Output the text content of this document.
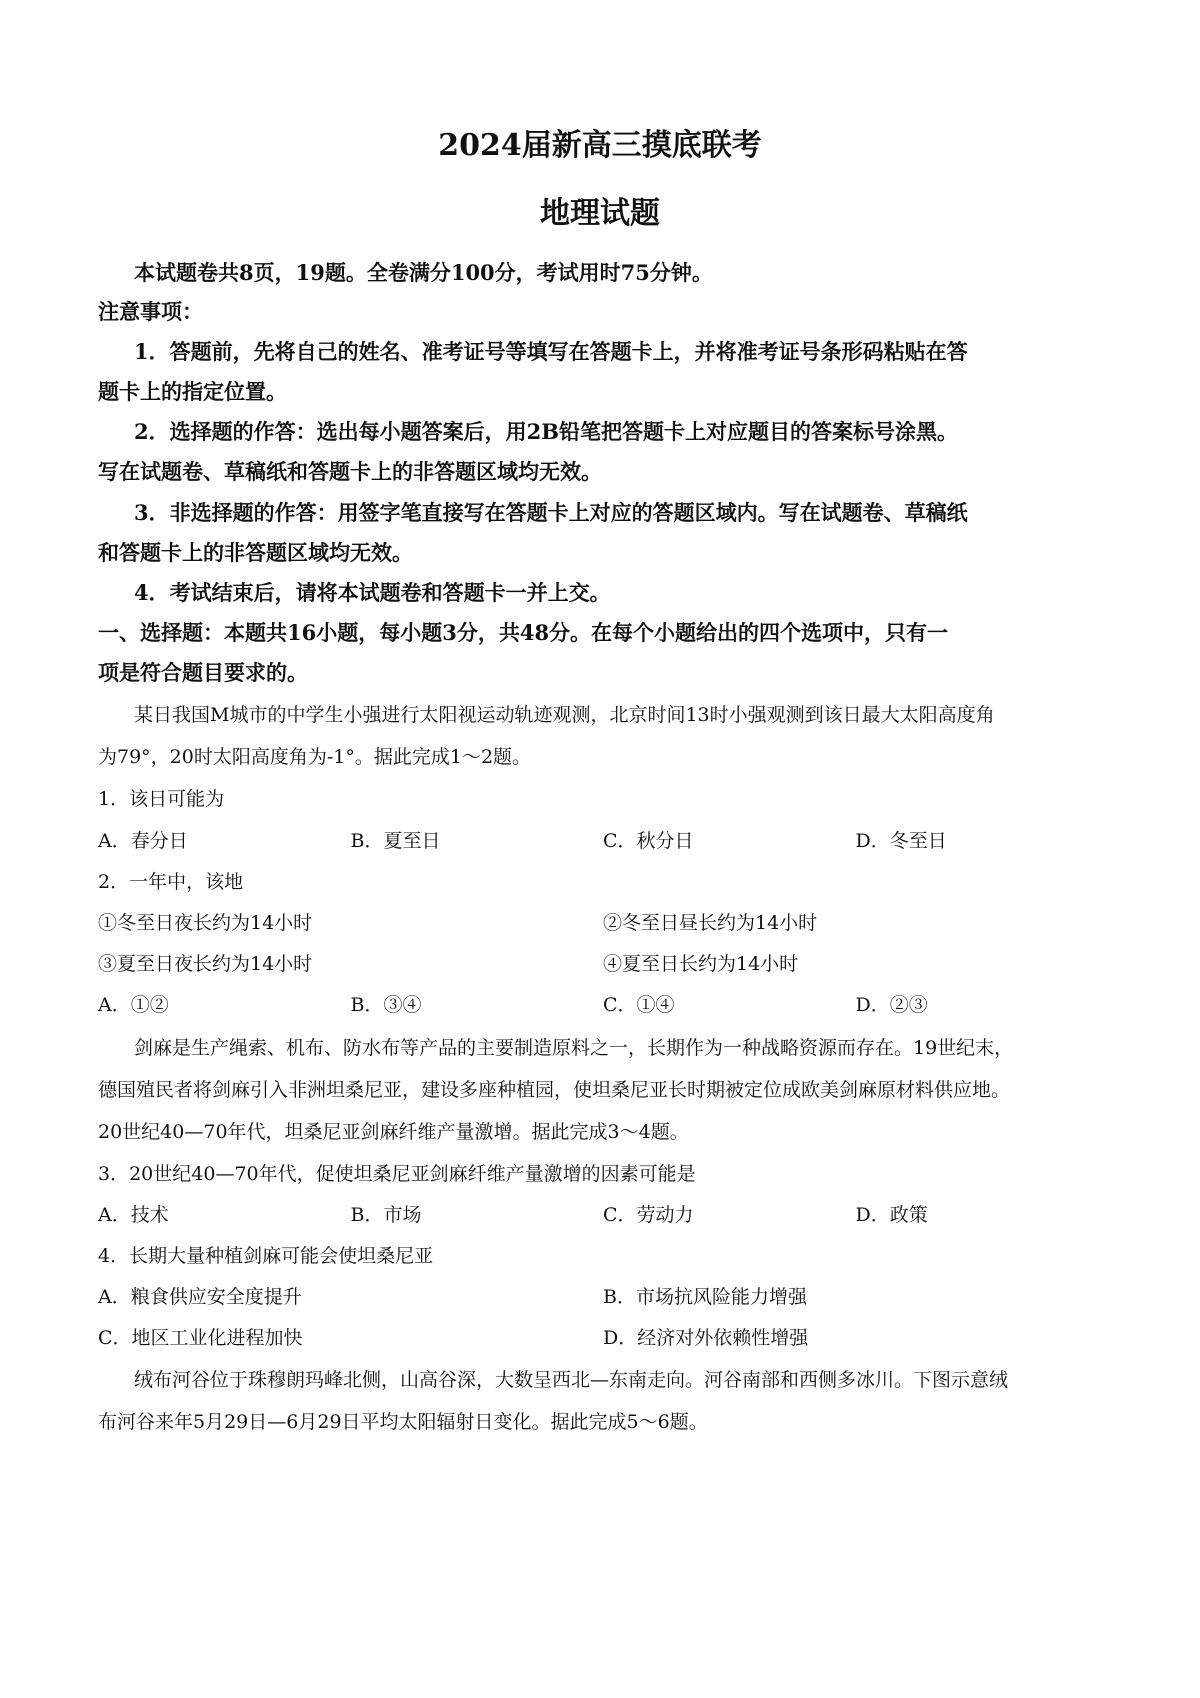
2024届新高三摸底联考
地理试题

本试题卷共8页，19题。全卷满分100分，考试用时75分钟。

注意事项：

1．答题前，先将自己的姓名、准考证号等填写在答题卡上，并将准考证号条形码粘贴在答

题卡上的指定位置。

2．选择题的作答：选出每小题答案后，用2B铅笔把答题卡上对应题目的答案标号涂黑。

写在试题卷、草稿纸和答题卡上的非答题区域均无效。

3．非选择题的作答：用签字笔直接写在答题卡上对应的答题区域内。写在试题卷、草稿纸

和答题卡上的非答题区域均无效。

4．考试结束后，请将本试题卷和答题卡一并上交。

一、选择题：本题共16小题，每小题3分，共48分。在每个小题给出的四个选项中，只有一

项是符合题目要求的。

某日我国M城市的中学生小强进行太阳视运动轨迹观测，北京时间13时小强观测到该日最大太阳高度角

为79°，20时太阳高度角为-1°。据此完成1～2题。

1．该日可能为

A．春分日	B．夏至日	C．秋分日	D．冬至日

2．一年中，该地

①冬至日夜长约为14小时	②冬至日昼长约为14小时
③夏至日夜长约为14小时	④夏至日长约为14小时
A．①②	B．③④	C．①④	D．②③

剑麻是生产绳索、机布、防水布等产品的主要制造原料之一，长期作为一种战略资源而存在。19世纪末，

德国殖民者将剑麻引入非洲坦桑尼亚，建设多座种植园，使坦桑尼亚长时期被定位成欧美剑麻原材料供应地。

20世纪40—70年代，坦桑尼亚剑麻纤维产量激增。据此完成3～4题。

3．20世纪40—70年代，促使坦桑尼亚剑麻纤维产量激增的因素可能是

A．技术	B．市场	C．劳动力	D．政策

4．长期大量种植剑麻可能会使坦桑尼亚

A．粮食供应安全度提升	B．市场抗风险能力增强
C．地区工业化进程加快	D．经济对外依赖性增强

绒布河谷位于珠穆朗玛峰北侧，山高谷深，大数呈西北—东南走向。河谷南部和西侧多冰川。下图示意绒

布河谷来年5月29日—6月29日平均太阳辐射日变化。据此完成5～6题。
